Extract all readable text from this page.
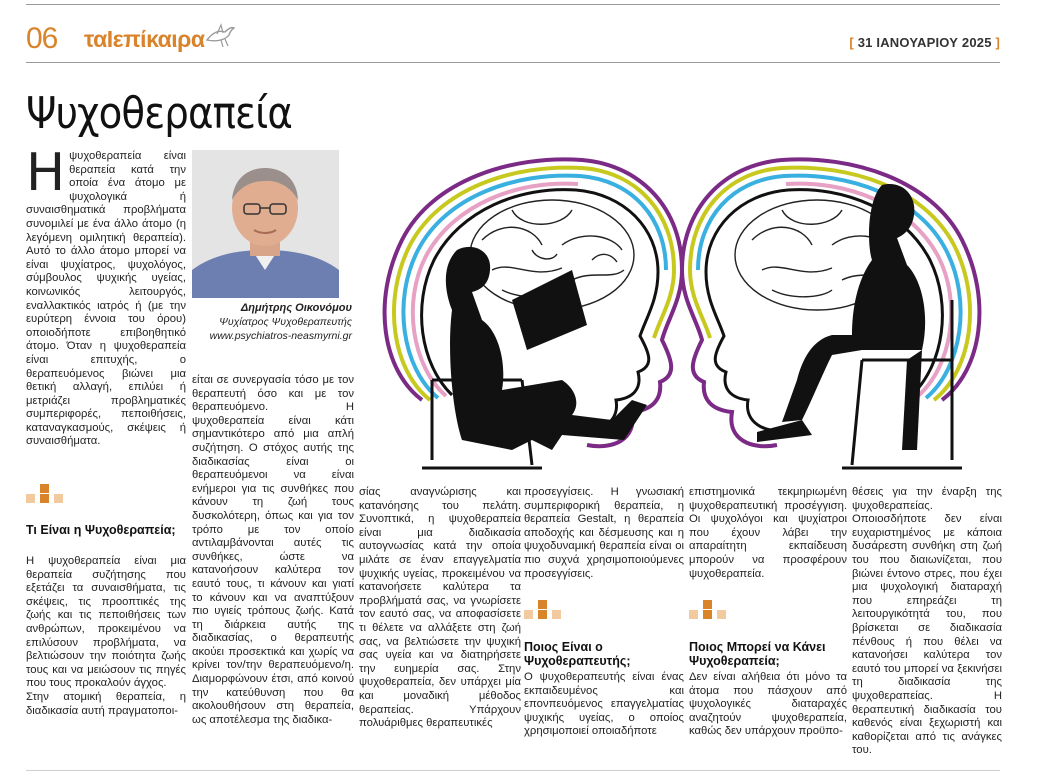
06 ταΙεπίκαιρα	[ 31 ΙΑΝΟΥΑΡΙΟΥ 2025 ]
Ψυχοθεραπεία
Ηψυχοθεραπεία είναι θεραπεία κατά την οποία ένα άτομο με ψυχολογικά ή συναισθηματικά προβλήματα συνομιλεί με ένα άλλο άτομο (η λεγόμενη ομιλητική θεραπεία). Αυτό το άλλο άτομο μπορεί να είναι ψυχίατρος, ψυχολόγος, σύμβουλος ψυχικής υγείας, κοινωνικός λειτουργός, εναλλακτικός ιατρός ή (με την ευρύτερη έννοια του όρου) οποιοδήποτε επιβοηθητικό άτομο. Όταν η ψυχοθεραπεία είναι επιτυχής, ο θεραπευόμενος βιώνει μια θετική αλλαγή, επιλύει ή μετριάζει προβληματικές συμπεριφορές, πεποιθήσεις, καταναγκασμούς, σκέψεις ή συναισθήματα.
Τι Είναι η Ψυχοθεραπεία;
Η ψυχοθεραπεία είναι μια θεραπεία συζήτησης που εξετάζει τα συναισθήματα, τις σκέψεις, τις προοπτικές της ζωής και τις πεποιθήσεις των ανθρώπων, προκειμένου να επιλύσουν προβλήματα, να βελτιώσουν την ποιότητα ζωής τους και να μειώσουν τις πηγές που τους προκαλούν άγχος.
Στην ατομική θεραπεία, η διαδικασία αυτή πραγματοποι-
Δημήτρης Οικονόμου
Ψυχίατρος Ψυχοθεραπευτής
www.psychiatros-neasmyrni.gr
είται σε συνεργασία τόσο με τον θεραπευτή όσο και με τον θεραπευόμενο. Η ψυχοθεραπεία είναι κάτι σημαντικότερο από μια απλή συζήτηση. Ο στόχος αυτής της διαδικασίας είναι οι θεραπευόμενοι να είναι ενήμεροι για τις συνθήκες που κάνουν τη ζωή τους δυσκολότερη, όπως και για τον τρόπο με τον οποίο αντιλαμβάνονται αυτές τις συνθήκες, ώστε να κατανοήσουν καλύτερα τον εαυτό τους, τι κάνουν και γιατί το κάνουν και να αναπτύξουν πιο υγιείς τρόπους ζωής. Κατά τη διάρκεια αυτής της διαδικασίας, ο θεραπευτής ακούει προσεκτικά και χωρίς να κρίνει τον/την θεραπευόμενο/η. Διαμορφώνουν έτσι, από κοινού την κατεύθυνση που θα ακολουθήσουν στη θεραπεία, ως αποτέλεσμα της διαδικα-
σίας αναγνώρισης και κατανόησης του πελάτη. Συνοπτικά, η ψυχοθεραπεία είναι μια διαδικασία αυτογνωσίας κατά την οποία μιλάτε σε έναν επαγγελματία ψυχικής υγείας, προκειμένου να κατανοήσετε καλύτερα τα προβλήματά σας, να γνωρίσετε τον εαυτό σας, να αποφασίσετε τι θέλετε να αλλάξετε στη ζωή σας, να βελτιώσετε την ψυχική σας υγεία και να διατηρήσετε την ευημερία σας. Στην ψυχοθεραπεία, δεν υπάρχει μία και μοναδική μέθοδος θεραπείας. Υπάρχουν πολυάριθμες θεραπευτικές
προσεγγίσεις. Η γνωσιακή συμπεριφορική θεραπεία, η θεραπεία Gestalt, η θεραπεία αποδοχής και δέσμευσης και η ψυχοδυναμική θεραπεία είναι οι πιο συχνά χρησιμοποιούμενες προσεγγίσεις.
Ποιος Είναι ο Ψυχοθεραπευτής;
Ο ψυχοθεραπευτής είναι ένας εκπαιδευμένος και επονπευόμενος επαγγελματίας ψυχικής υγείας, ο οποίος χρησιμοποιεί οποιαδήποτε
επιστημονικά τεκμηριωμένη ψυχοθεραπευτική προσέγγιση. Οι ψυχολόγοι και ψυχίατροι που έχουν λάβει την απαραίτητη εκπαίδευση μπορούν να προσφέρουν ψυχοθεραπεία.
Ποιος Μπορεί να Κάνει Ψυχοθεραπεία;
Δεν είναι αλήθεια ότι μόνο τα άτομα που πάσχουν από ψυχολογικές διαταραχές αναζητούν ψυχοθεραπεία, καθώς δεν υπάρχουν προϋπο-
θέσεις για την έναρξη της ψυχοθεραπείας. Οποιοσδήποτε δεν είναι ευχαριστημένος με κάποια δυσάρεστη συνθήκη στη ζωή του που διαιωνίζεται, που βιώνει έντονο στρες, που έχει μια ψυχολογική διαταραχή που επηρεάζει τη λειτουργικότητά του, που βρίσκεται σε διαδικασία πένθους ή που θέλει να κατανοήσει καλύτερα τον εαυτό του μπορεί να ξεκινήσει τη διαδικασία της ψυχοθεραπείας. Η θεραπευτική διαδικασία του καθενός είναι ξεχωριστή και καθορίζεται από τις ανάγκες του.
